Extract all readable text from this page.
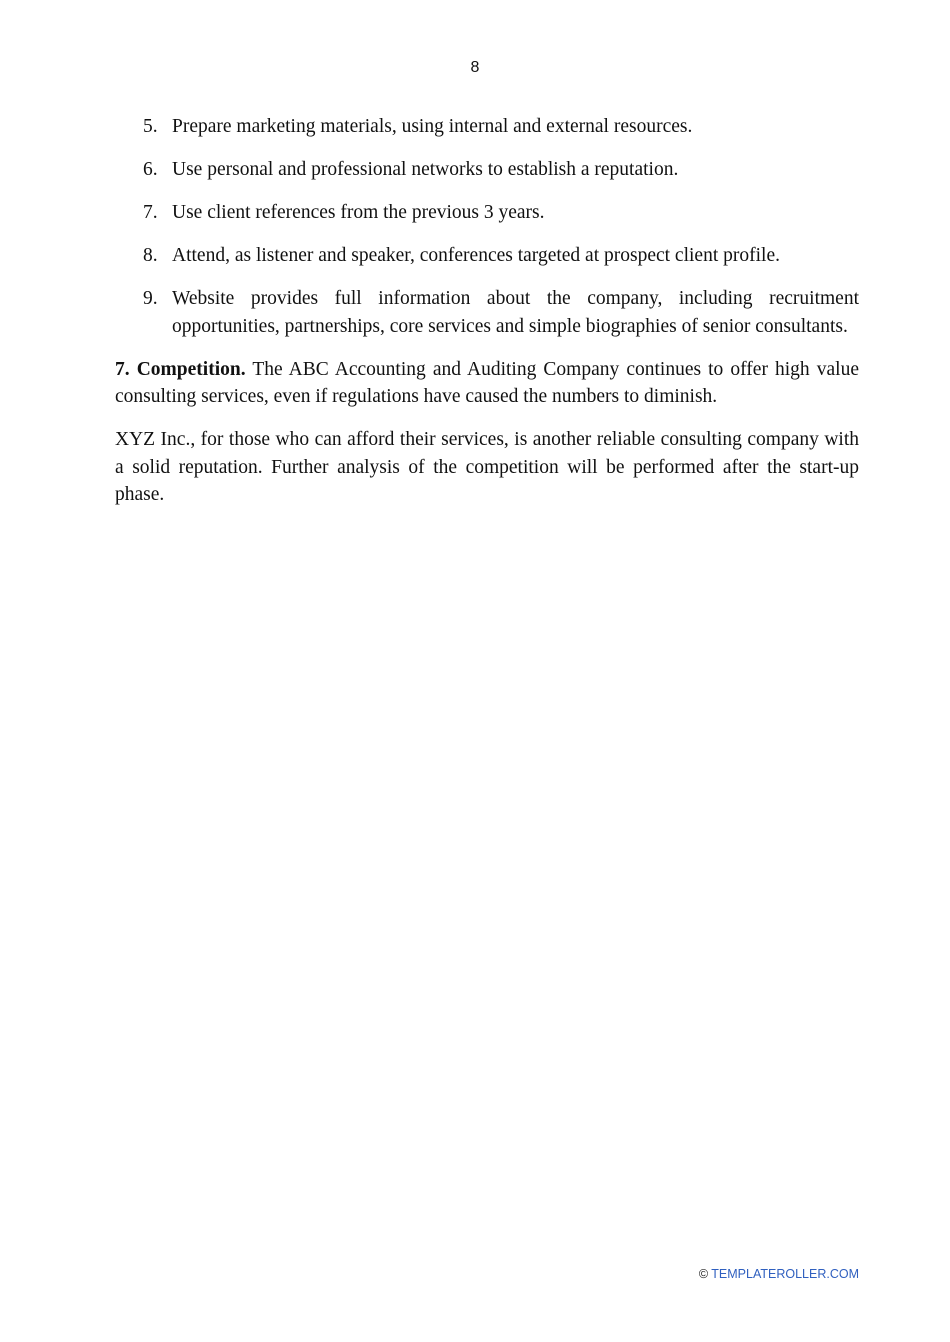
8
5. Prepare marketing materials, using internal and external resources.
6. Use personal and professional networks to establish a reputation.
7. Use client references from the previous 3 years.
8. Attend, as listener and speaker, conferences targeted at prospect client profile.
9. Website provides full information about the company, including recruitment opportunities, partnerships, core services and simple biographies of senior consultants.

7. Competition. The ABC Accounting and Auditing Company continues to offer high value consulting services, even if regulations have caused the numbers to diminish.

XYZ Inc., for those who can afford their services, is another reliable consulting company with a solid reputation. Further analysis of the competition will be performed after the start-up phase.

© TEMPLATEROLLER.COM
